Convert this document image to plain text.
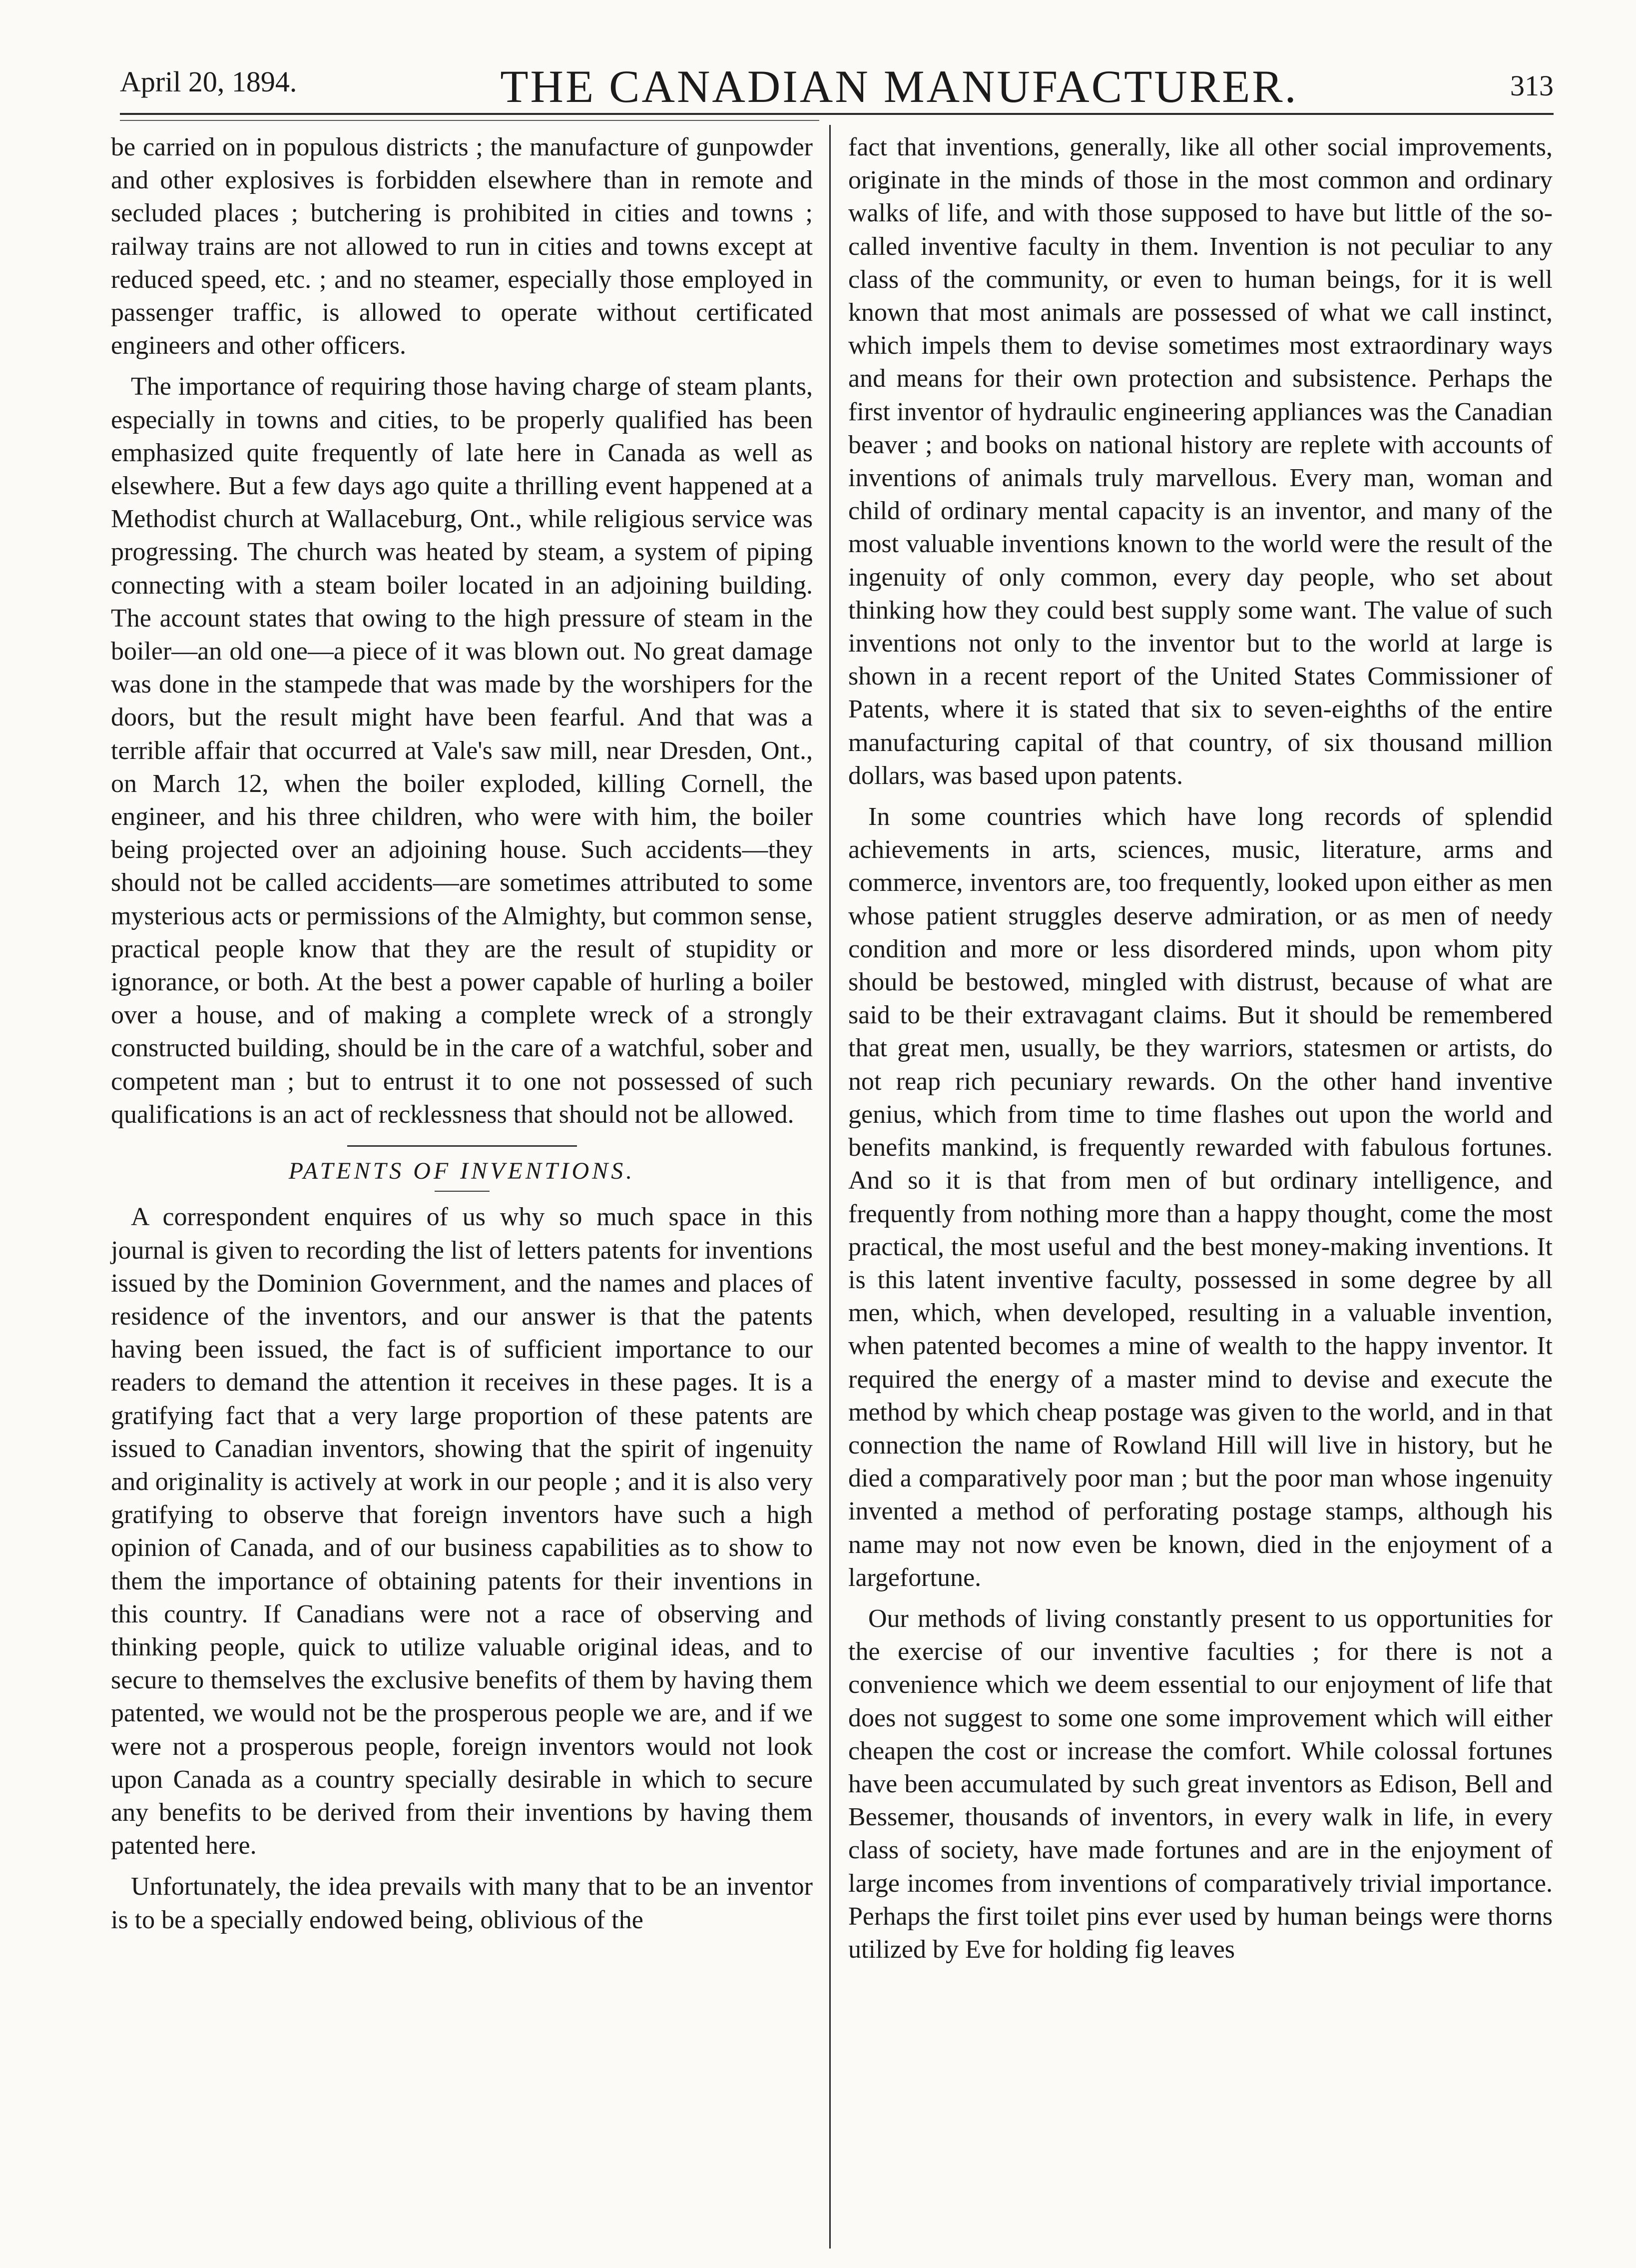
April 20, 1894.	THE CANADIAN MANUFACTURER.	313

be carried on in populous districts ; the manufacture of gunpowder and other explosives is forbidden elsewhere than in remote and secluded places ; butchering is prohibited in cities and towns ; railway trains are not allowed to run in cities and towns except at reduced speed, etc. ; and no steamer, especially those employed in passenger traffic, is allowed to operate without certificated engineers and other officers.

The importance of requiring those having charge of steam plants, especially in towns and cities, to be properly qualified has been emphasized quite frequently of late here in Canada as well as elsewhere. But a few days ago quite a thrilling event happened at a Methodist church at Wallaceburg, Ont., while religious service was progressing. The church was heated by steam, a system of piping connecting with a steam boiler located in an adjoining building. The account states that owing to the high pressure of steam in the boiler—an old one—a piece of it was blown out. No great damage was done in the stampede that was made by the worshipers for the doors, but the result might have been fearful. And that was a terrible affair that occurred at Vale's saw mill, near Dresden, Ont., on March 12, when the boiler exploded, killing Cornell, the engineer, and his three children, who were with him, the boiler being projected over an adjoining house. Such accidents—they should not be called accidents—are sometimes attributed to some mysterious acts or permissions of the Almighty, but common sense, practical people know that they are the result of stupidity or ignorance, or both. At the best a power capable of hurling a boiler over a house, and of making a complete wreck of a strongly constructed building, should be in the care of a watchful, sober and competent man ; but to entrust it to one not possessed of such qualifications is an act of recklessness that should not be allowed.

PATENTS OF INVENTIONS.

A correspondent enquires of us why so much space in this journal is given to recording the list of letters patents for inventions issued by the Dominion Government, and the names and places of residence of the inventors, and our answer is that the patents having been issued, the fact is of sufficient importance to our readers to demand the attention it receives in these pages. It is a gratifying fact that a very large proportion of these patents are issued to Canadian inventors, showing that the spirit of ingenuity and originality is actively at work in our people ; and it is also very gratifying to observe that foreign inventors have such a high opinion of Canada, and of our business capabilities as to show to them the importance of obtaining patents for their inventions in this country. If Canadians were not a race of observing and thinking people, quick to utilize valuable original ideas, and to secure to themselves the exclusive benefits of them by having them patented, we would not be the prosperous people we are, and if we were not a prosperous people, foreign inventors would not look upon Canada as a country specially desirable in which to secure any benefits to be derived from their inventions by having them patented here.

Unfortunately, the idea prevails with many that to be an inventor is to be a specially endowed being, oblivious of the

fact that inventions, generally, like all other social improvements, originate in the minds of those in the most common and ordinary walks of life, and with those supposed to have but little of the so-called inventive faculty in them. Invention is not peculiar to any class of the community, or even to human beings, for it is well known that most animals are possessed of what we call instinct, which impels them to devise sometimes most extraordinary ways and means for their own protection and subsistence. Perhaps the first inventor of hydraulic engineering appliances was the Canadian beaver ; and books on national history are replete with accounts of inventions of animals truly marvellous. Every man, woman and child of ordinary mental capacity is an inventor, and many of the most valuable inventions known to the world were the result of the ingenuity of only common, every day people, who set about thinking how they could best supply some want. The value of such inventions not only to the inventor but to the world at large is shown in a recent report of the United States Commissioner of Patents, where it is stated that six to seven-eighths of the entire manufacturing capital of that country, of six thousand million dollars, was based upon patents.

In some countries which have long records of splendid achievements in arts, sciences, music, literature, arms and commerce, inventors are, too frequently, looked upon either as men whose patient struggles deserve admiration, or as men of needy condition and more or less disordered minds, upon whom pity should be bestowed, mingled with distrust, because of what are said to be their extravagant claims. But it should be remembered that great men, usually, be they warriors, statesmen or artists, do not reap rich pecuniary rewards. On the other hand inventive genius, which from time to time flashes out upon the world and benefits mankind, is frequently rewarded with fabulous fortunes. And so it is that from men of but ordinary intelligence, and frequently from nothing more than a happy thought, come the most practical, the most useful and the best money-making inventions. It is this latent inventive faculty, possessed in some degree by all men, which, when developed, resulting in a valuable invention, when patented becomes a mine of wealth to the happy inventor. It required the energy of a master mind to devise and execute the method by which cheap postage was given to the world, and in that connection the name of Rowland Hill will live in history, but he died a comparatively poor man ; but the poor man whose ingenuity invented a method of perforating postage stamps, although his name may not now even be known, died in the enjoyment of a largefortune.

Our methods of living constantly present to us opportunities for the exercise of our inventive faculties ; for there is not a convenience which we deem essential to our enjoyment of life that does not suggest to some one some improvement which will either cheapen the cost or increase the comfort. While colossal fortunes have been accumulated by such great inventors as Edison, Bell and Bessemer, thousands of inventors, in every walk in life, in every class of society, have made fortunes and are in the enjoyment of large incomes from inventions of comparatively trivial importance. Perhaps the first toilet pins ever used by human beings were thorns utilized by Eve for holding fig leaves
